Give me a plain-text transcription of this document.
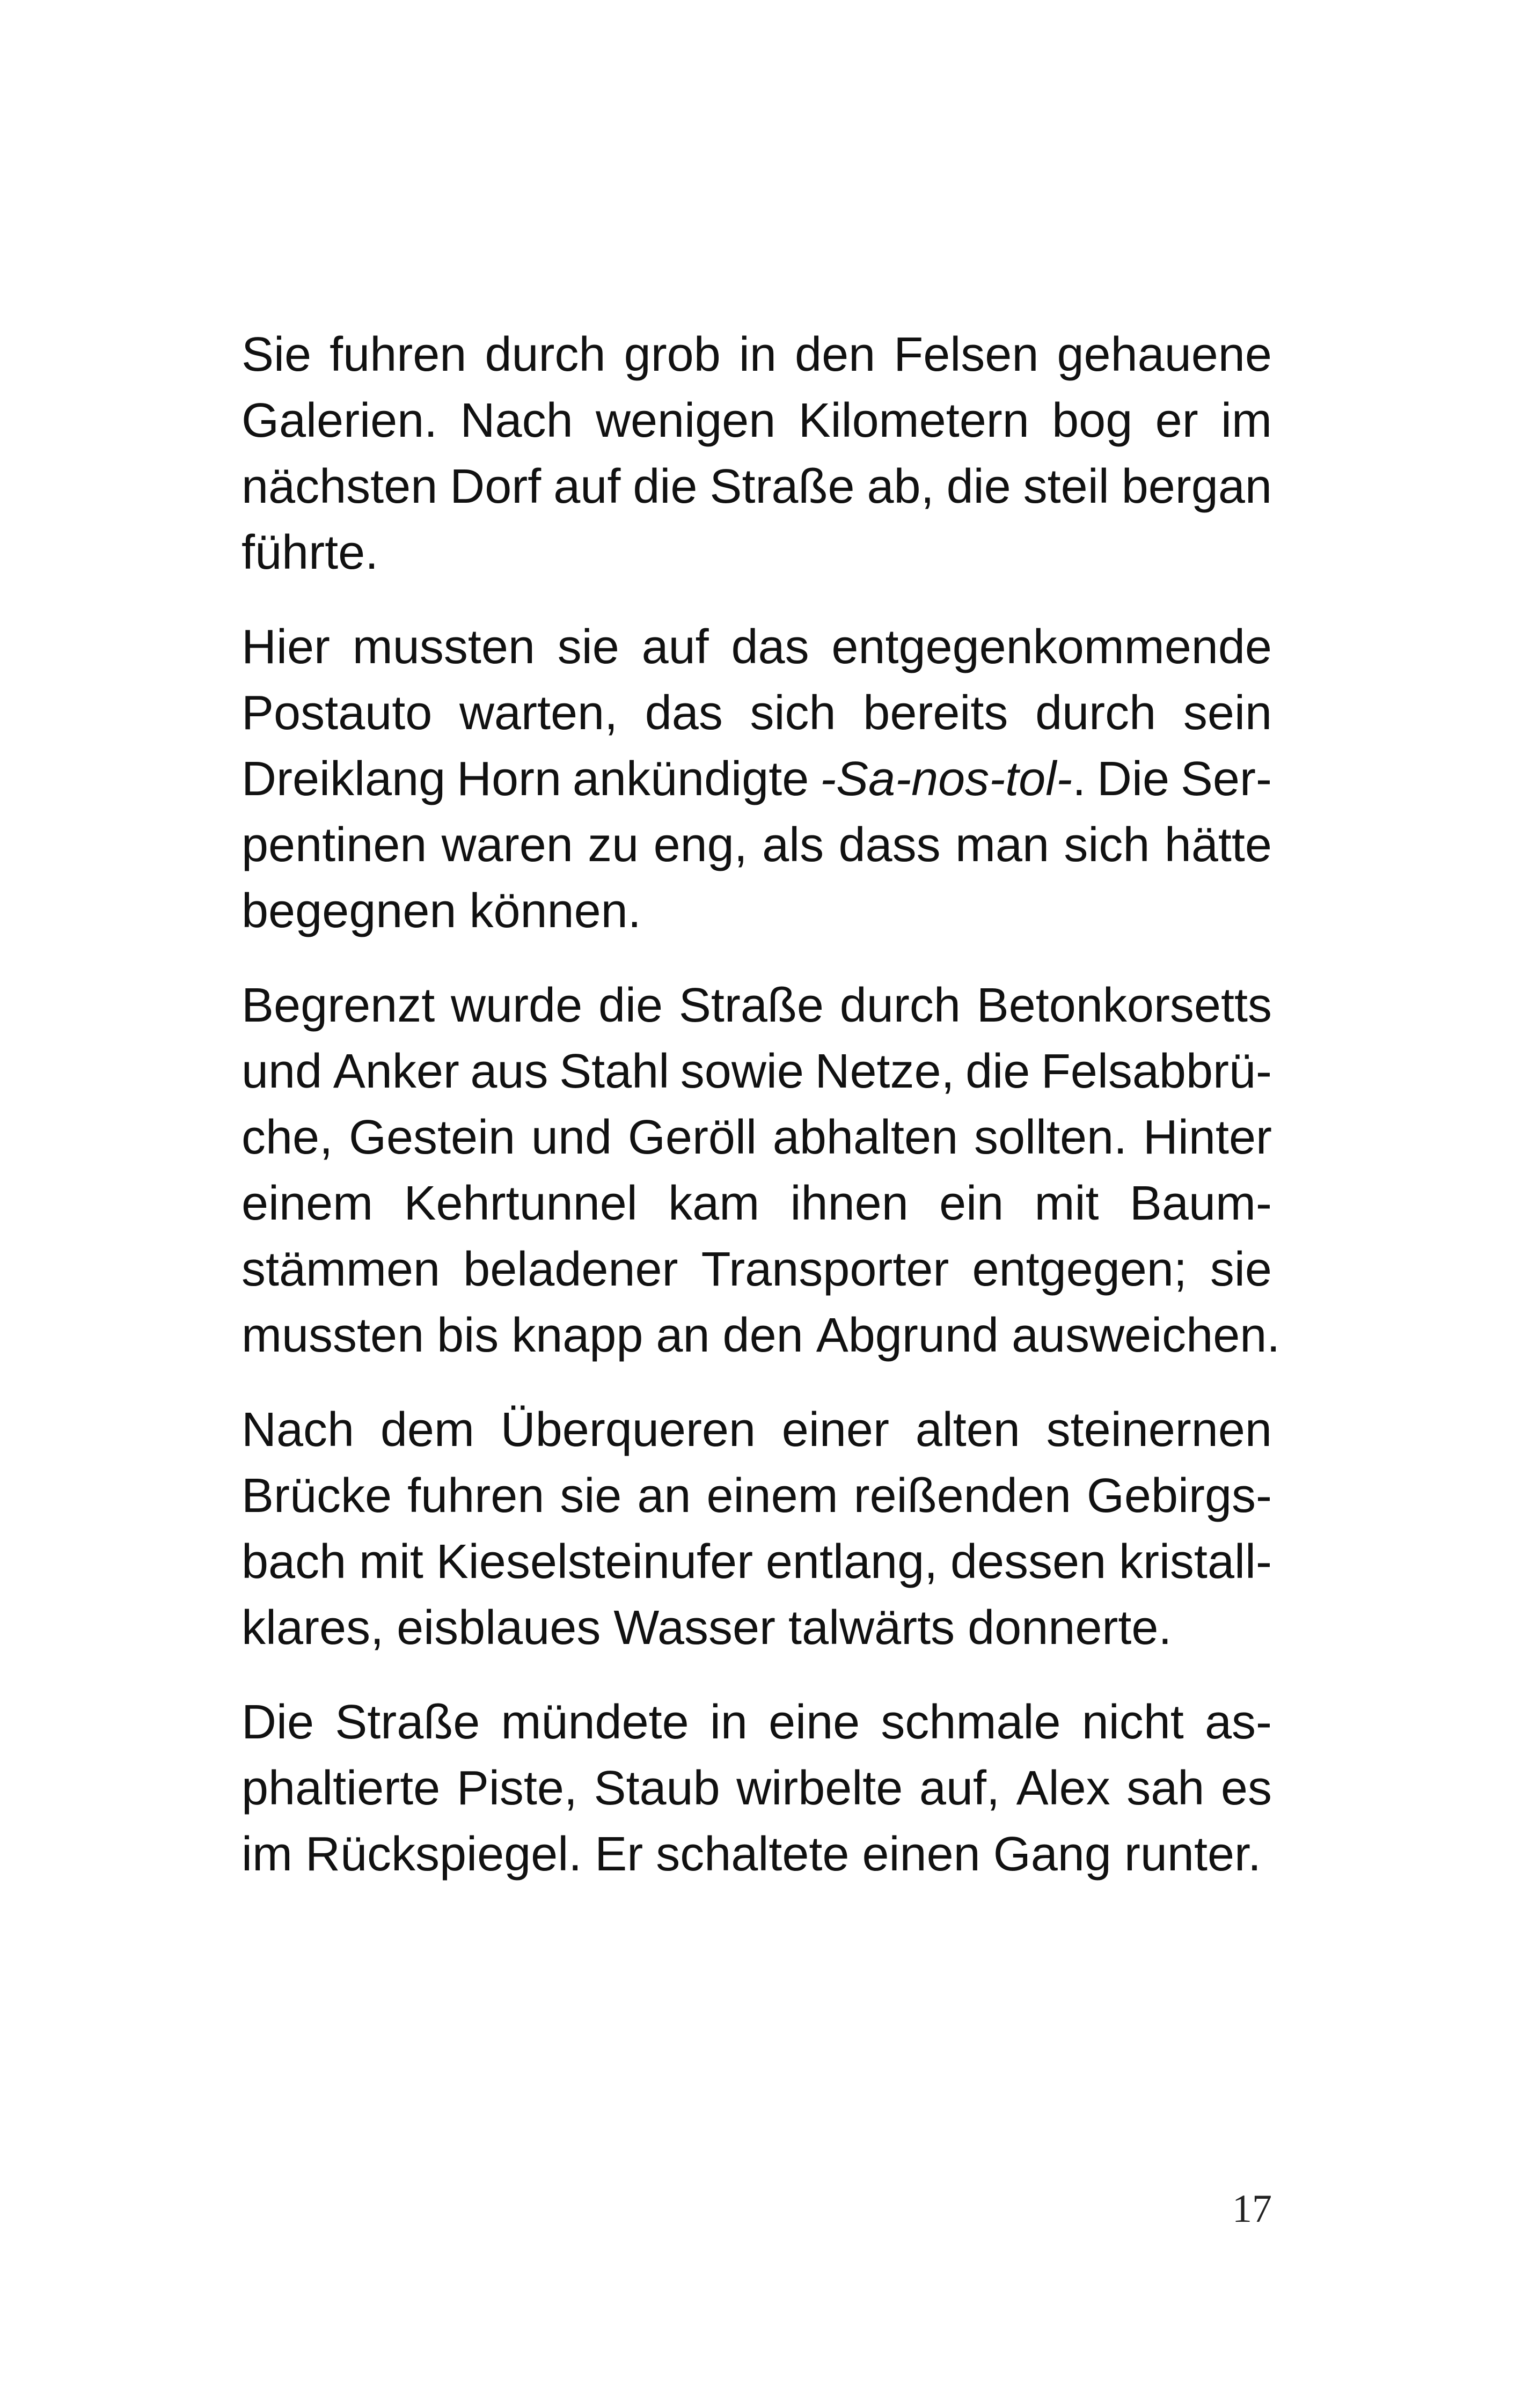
Sie fuhren durch grob in den Felsen gehauene
Galerien. Nach wenigen Kilometern bog er im
nächsten Dorf auf die Straße ab, die steil bergan
führte.
Hier mussten sie auf das entgegenkommende
Postauto warten, das sich bereits durch sein
Dreiklang Horn ankündigte -Sa-nos-tol-. Die Ser-
pentinen waren zu eng, als dass man sich hätte
begegnen können.
Begrenzt wurde die Straße durch Betonkorsetts
und Anker aus Stahl sowie Netze, die Felsabbrü-
che, Gestein und Geröll abhalten sollten. Hinter
einem Kehrtunnel kam ihnen ein mit Baum-
stämmen beladener Transporter entgegen; sie
mussten bis knapp an den Abgrund ausweichen.
Nach dem Überqueren einer alten steinernen
Brücke fuhren sie an einem reißenden Gebirgs-
bach mit Kieselsteinufer entlang, dessen kristall-
klares, eisblaues Wasser talwärts donnerte.
Die Straße mündete in eine schmale nicht as-
phaltierte Piste, Staub wirbelte auf, Alex sah es
im Rückspiegel. Er schaltete einen Gang runter.
17
